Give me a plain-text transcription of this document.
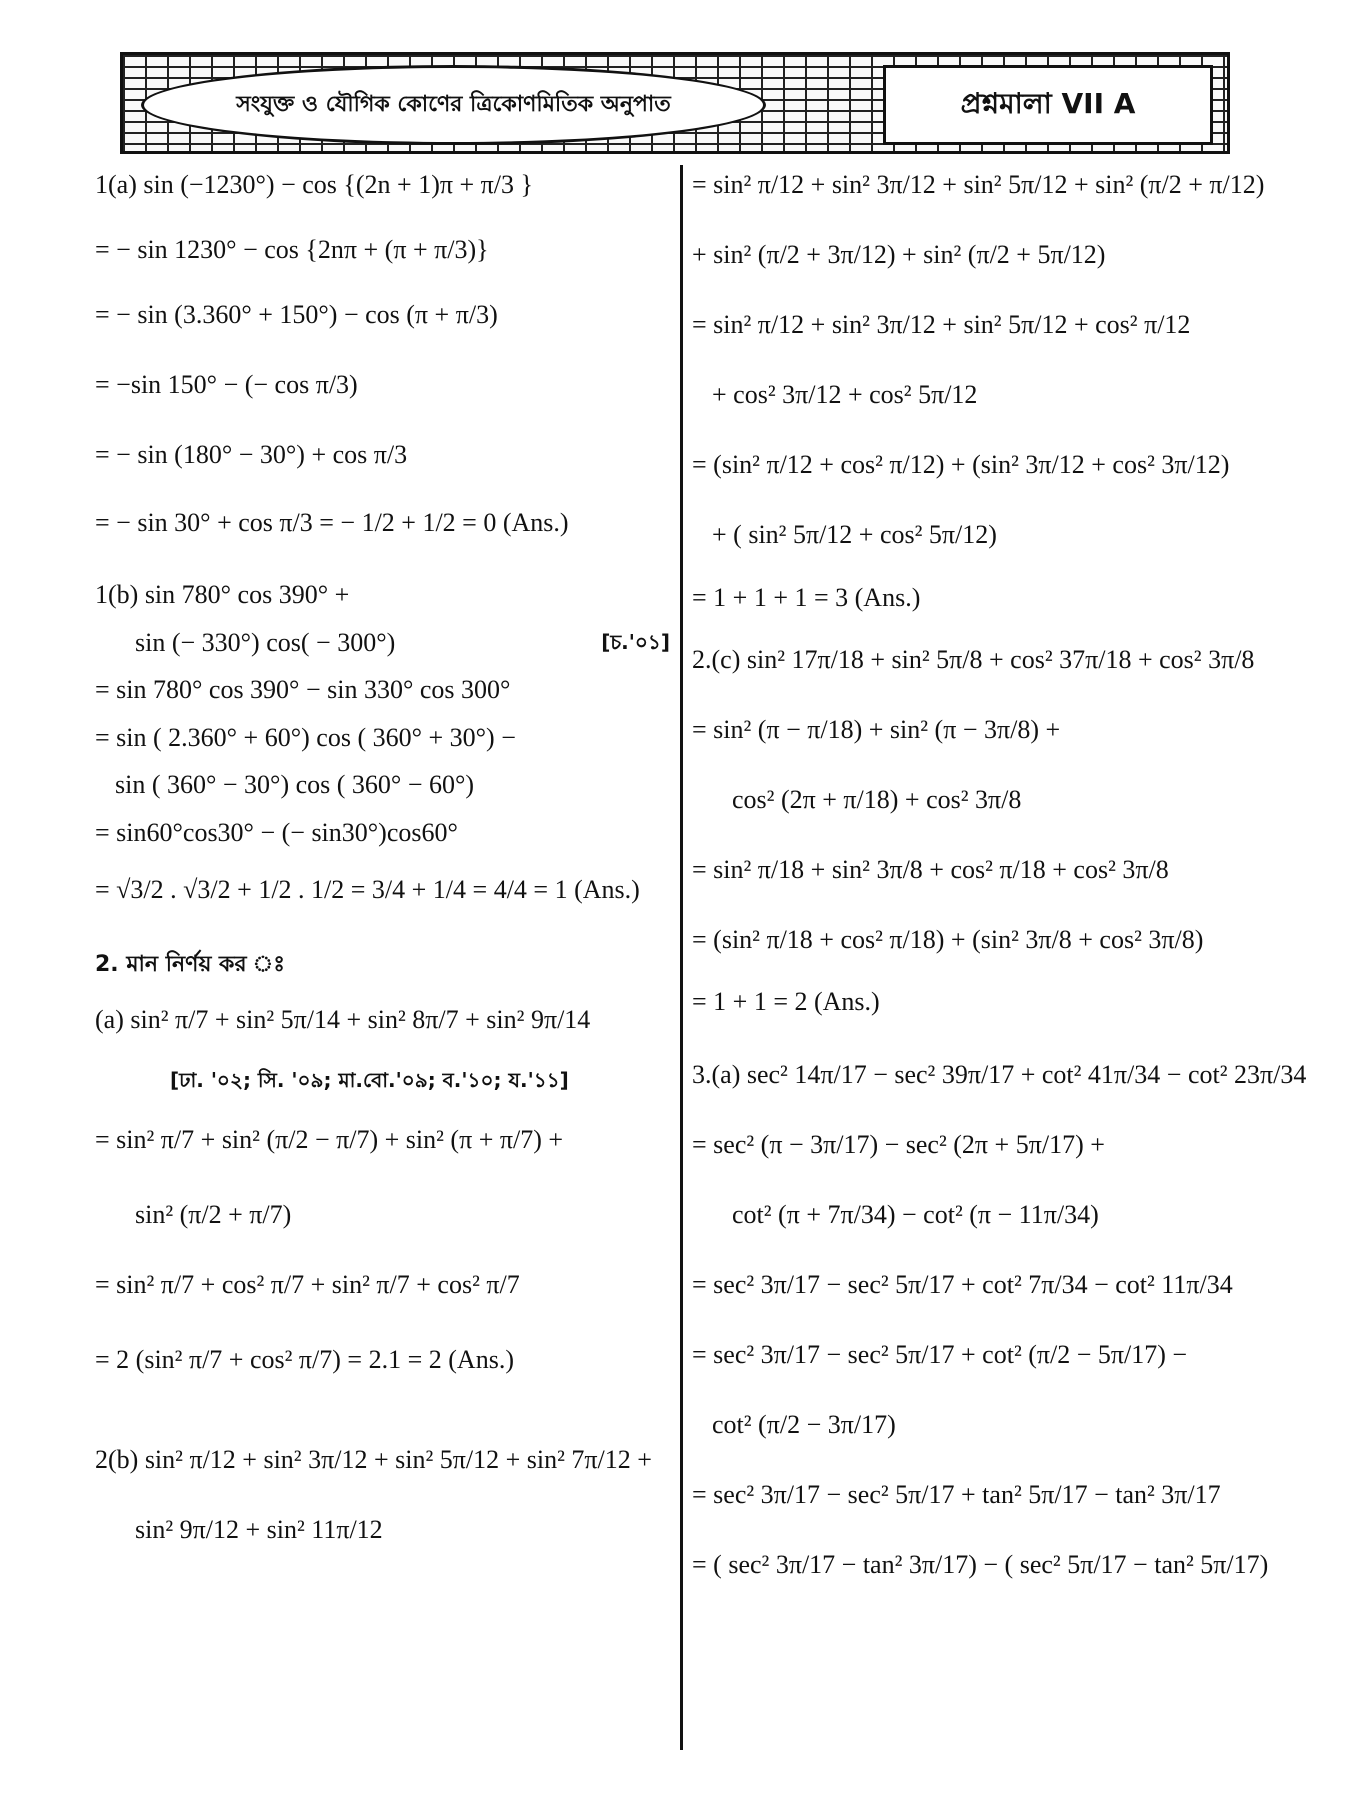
সংযুক্ত ও যৌগিক কোণের ত্রিকোণমিতিক অনুপাত	প্রশ্নমালা VII A
1(a) sin (−1230°) − cos {(2n + 1)π + π/3 }
= − sin 1230° − cos {2nπ + (π + π/3)}
= − sin (3.360° + 150°) − cos (π + π/3)
= −sin 150° − (− cos π/3)
= − sin (180° − 30°) + cos π/3
= − sin 30° + cos π/3 = − 1/2 + 1/2 = 0 (Ans.)
1(b) sin 780° cos 390° +
sin (− 330°) cos( − 300°)	[চ.'০১]
= sin 780° cos 390° − sin 330° cos 300°
= sin ( 2.360° + 60°) cos ( 360° + 30°) −
sin ( 360° − 30°) cos ( 360° − 60°)
= sin60°cos30° − (− sin30°)cos60°
= √3/2 . √3/2 + 1/2 . 1/2 = 3/4 + 1/4 = 4/4 = 1 (Ans.)
2. মান নির্ণয় কর ঃ
(a) sin² π/7 + sin² 5π/14 + sin² 8π/7 + sin² 9π/14
[ঢা. '০২; সি. '০৯; মা.বো.'০৯; ব.'১০; য.'১১]
= sin² π/7 + sin² (π/2 − π/7) + sin² (π + π/7) +
sin² (π/2 + π/7)
= sin² π/7 + cos² π/7 + sin² π/7 + cos² π/7
= 2 (sin² π/7 + cos² π/7) = 2.1 = 2 (Ans.)
2(b) sin² π/12 + sin² 3π/12 + sin² 5π/12 + sin² 7π/12 +
sin² 9π/12 + sin² 11π/12
= sin² π/12 + sin² 3π/12 + sin² 5π/12 + sin² (π/2 + π/12)
+ sin² (π/2 + 3π/12) + sin² (π/2 + 5π/12)
= sin² π/12 + sin² 3π/12 + sin² 5π/12 + cos² π/12
+ cos² 3π/12 + cos² 5π/12
= (sin² π/12 + cos² π/12) + (sin² 3π/12 + cos² 3π/12)
+ ( sin² 5π/12 + cos² 5π/12)
= 1 + 1 + 1 = 3 (Ans.)
2.(c) sin² 17π/18 + sin² 5π/8 + cos² 37π/18 + cos² 3π/8
= sin² (π − π/18) + sin² (π − 3π/8) +
cos² (2π + π/18) + cos² 3π/8
= sin² π/18 + sin² 3π/8 + cos² π/18 + cos² 3π/8
= (sin² π/18 + cos² π/18) + (sin² 3π/8 + cos² 3π/8)
= 1 + 1 = 2 (Ans.)
3.(a) sec² 14π/17 − sec² 39π/17 + cot² 41π/34 − cot² 23π/34
= sec² (π − 3π/17) − sec² (2π + 5π/17) +
cot² (π + 7π/34) − cot² (π − 11π/34)
= sec² 3π/17 − sec² 5π/17 + cot² 7π/34 − cot² 11π/34
= sec² 3π/17 − sec² 5π/17 + cot² (π/2 − 5π/17) −
cot² (π/2 − 3π/17)
= sec² 3π/17 − sec² 5π/17 + tan² 5π/17 − tan² 3π/17
= ( sec² 3π/17 − tan² 3π/17) − ( sec² 5π/17 − tan² 5π/17)
